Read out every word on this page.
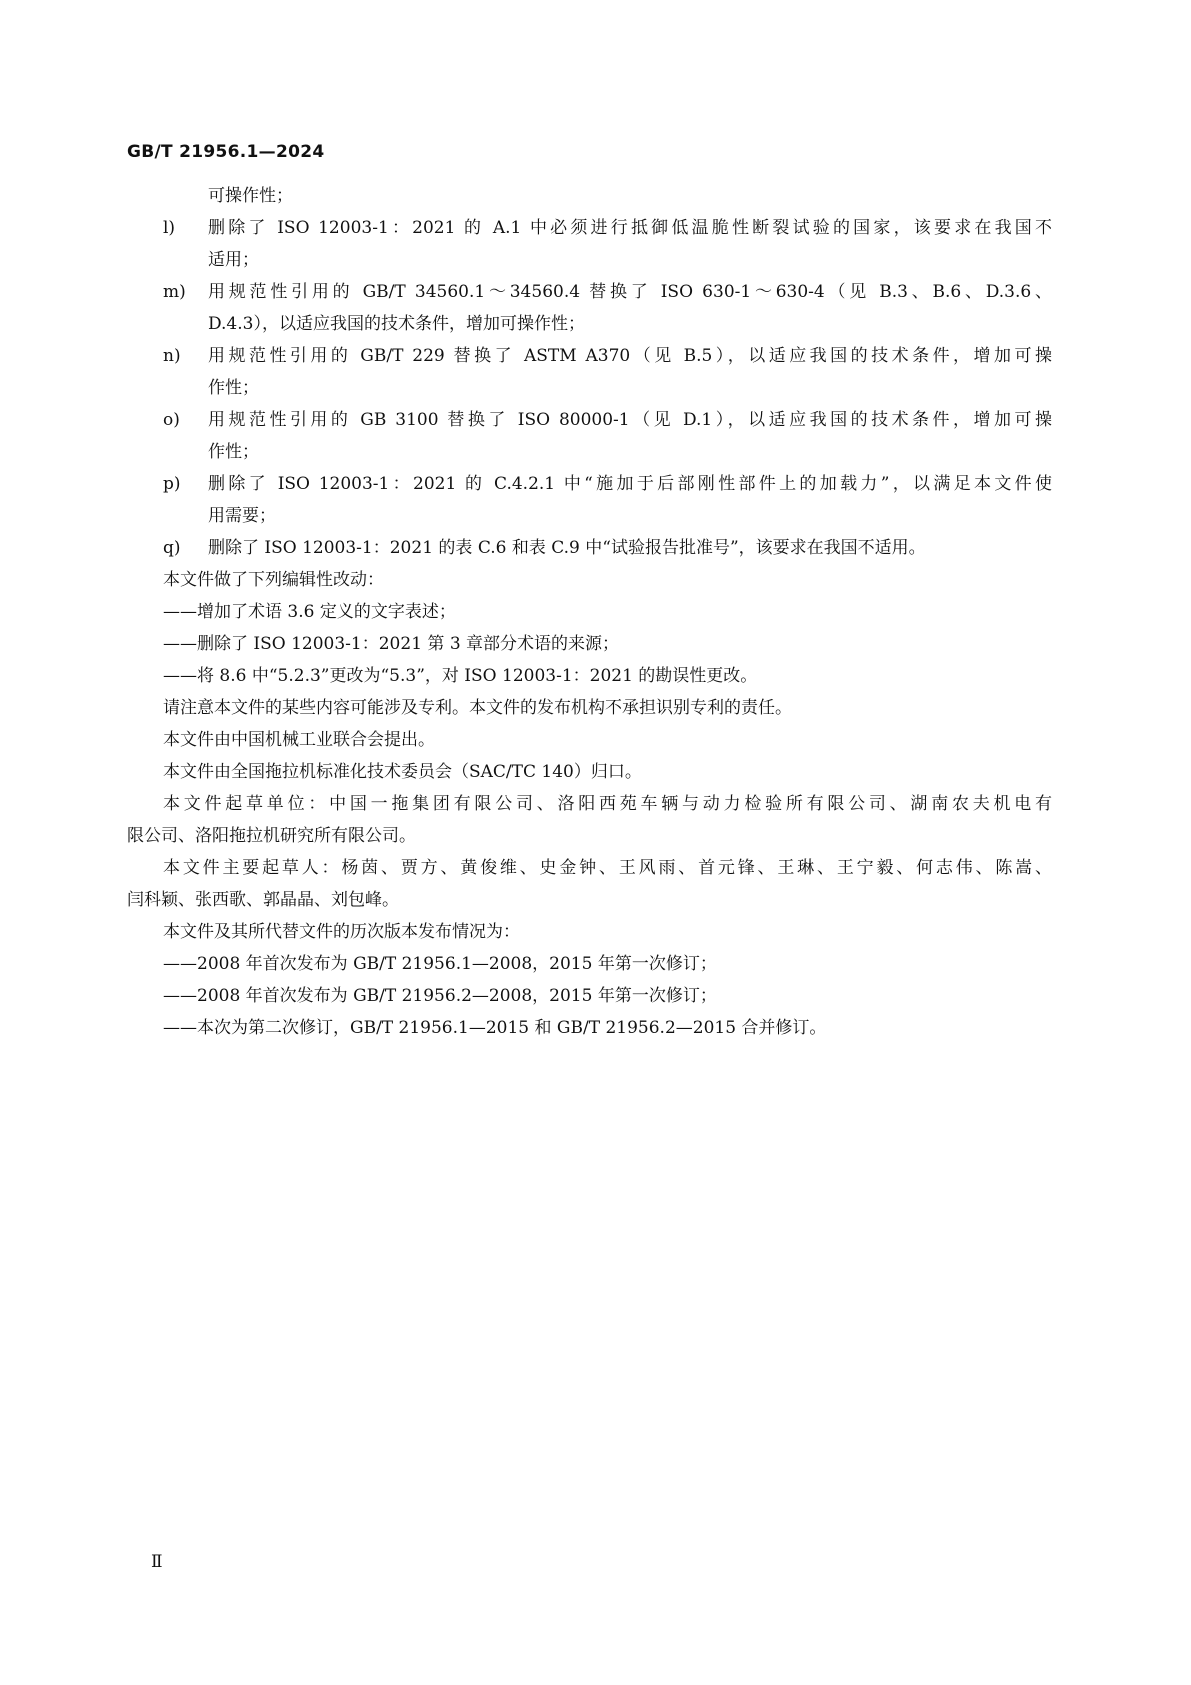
GB/T 21956.1—2024
可操作性；
l) 删除了 ISO 12003-1：2021 的 A.1 中必须进行抵御低温脆性断裂试验的国家，该要求在我国不
适用；
m) 用规范性引用的 GB/T 34560.1～34560.4 替换了 ISO 630-1～630-4（见 B.3、B.6、D.3.6、
D.4.3），以适应我国的技术条件，增加可操作性；
n) 用规范性引用的 GB/T 229 替换了 ASTM A370（见 B.5），以适应我国的技术条件，增加可操
作性；
o) 用规范性引用的 GB 3100 替换了 ISO 80000-1（见 D.1），以适应我国的技术条件，增加可操
作性；
p) 删除了 ISO 12003-1：2021 的 C.4.2.1 中“施加于后部刚性部件上的加载力”，以满足本文件使
用需要；
q) 删除了 ISO 12003-1：2021 的表 C.6 和表 C.9 中“试验报告批准号”，该要求在我国不适用。
本文件做了下列编辑性改动：
——增加了术语 3.6 定义的文字表述；
——删除了 ISO 12003-1：2021 第 3 章部分术语的来源；
——将 8.6 中“5.2.3”更改为“5.3”，对 ISO 12003-1：2021 的勘误性更改。
请注意本文件的某些内容可能涉及专利。本文件的发布机构不承担识别专利的责任。
本文件由中国机械工业联合会提出。
本文件由全国拖拉机标准化技术委员会（SAC/TC 140）归口。
本文件起草单位：中国一拖集团有限公司、洛阳西苑车辆与动力检验所有限公司、湖南农夫机电有
限公司、洛阳拖拉机研究所有限公司。
本文件主要起草人：杨茵、贾方、黄俊维、史金钟、王风雨、首元锋、王琳、王宁毅、何志伟、陈嵩、
闫科颖、张西歌、郭晶晶、刘包峰。
本文件及其所代替文件的历次版本发布情况为：
——2008 年首次发布为 GB/T 21956.1—2008，2015 年第一次修订；
——2008 年首次发布为 GB/T 21956.2—2008，2015 年第一次修订；
——本次为第二次修订，GB/T 21956.1—2015 和 GB/T 21956.2—2015 合并修订。
Ⅱ
